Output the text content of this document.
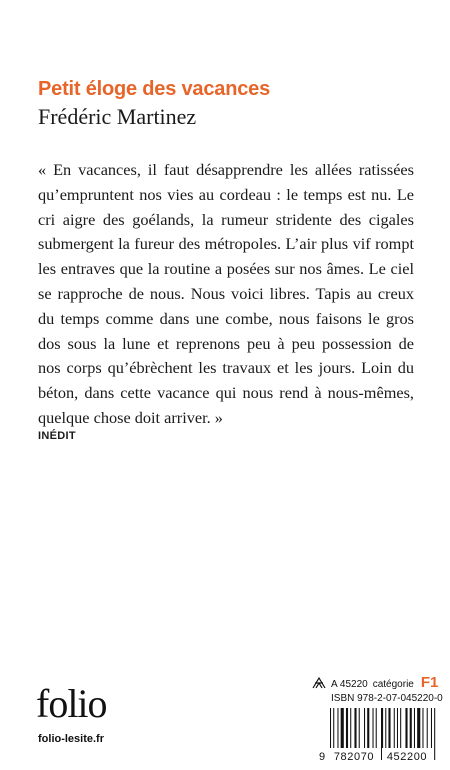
Petit éloge des vacances
Frédéric Martinez
« En vacances, il faut désapprendre les allées ratissées
qu’empruntent nos vies au cordeau : le temps est nu. Le
cri aigre des goélands, la rumeur stridente des cigales
submergent la fureur des métropoles. L’air plus vif rompt
les entraves que la routine a posées sur nos âmes. Le ciel
se rapproche de nous. Nous voici libres. Tapis au creux
du temps comme dans une combe, nous faisons le gros
dos sous la lune et reprenons peu à peu possession de
nos corps qu’ébrèchent les travaux et les jours. Loin du
béton, dans cette vacance qui nous rend à nous-mêmes,
quelque chose doit arriver. »
INÉDIT
folio
folio-lesite.fr
A 45220 catégorie F1
ISBN 978-2-07-045220-0
9 782070 452200
